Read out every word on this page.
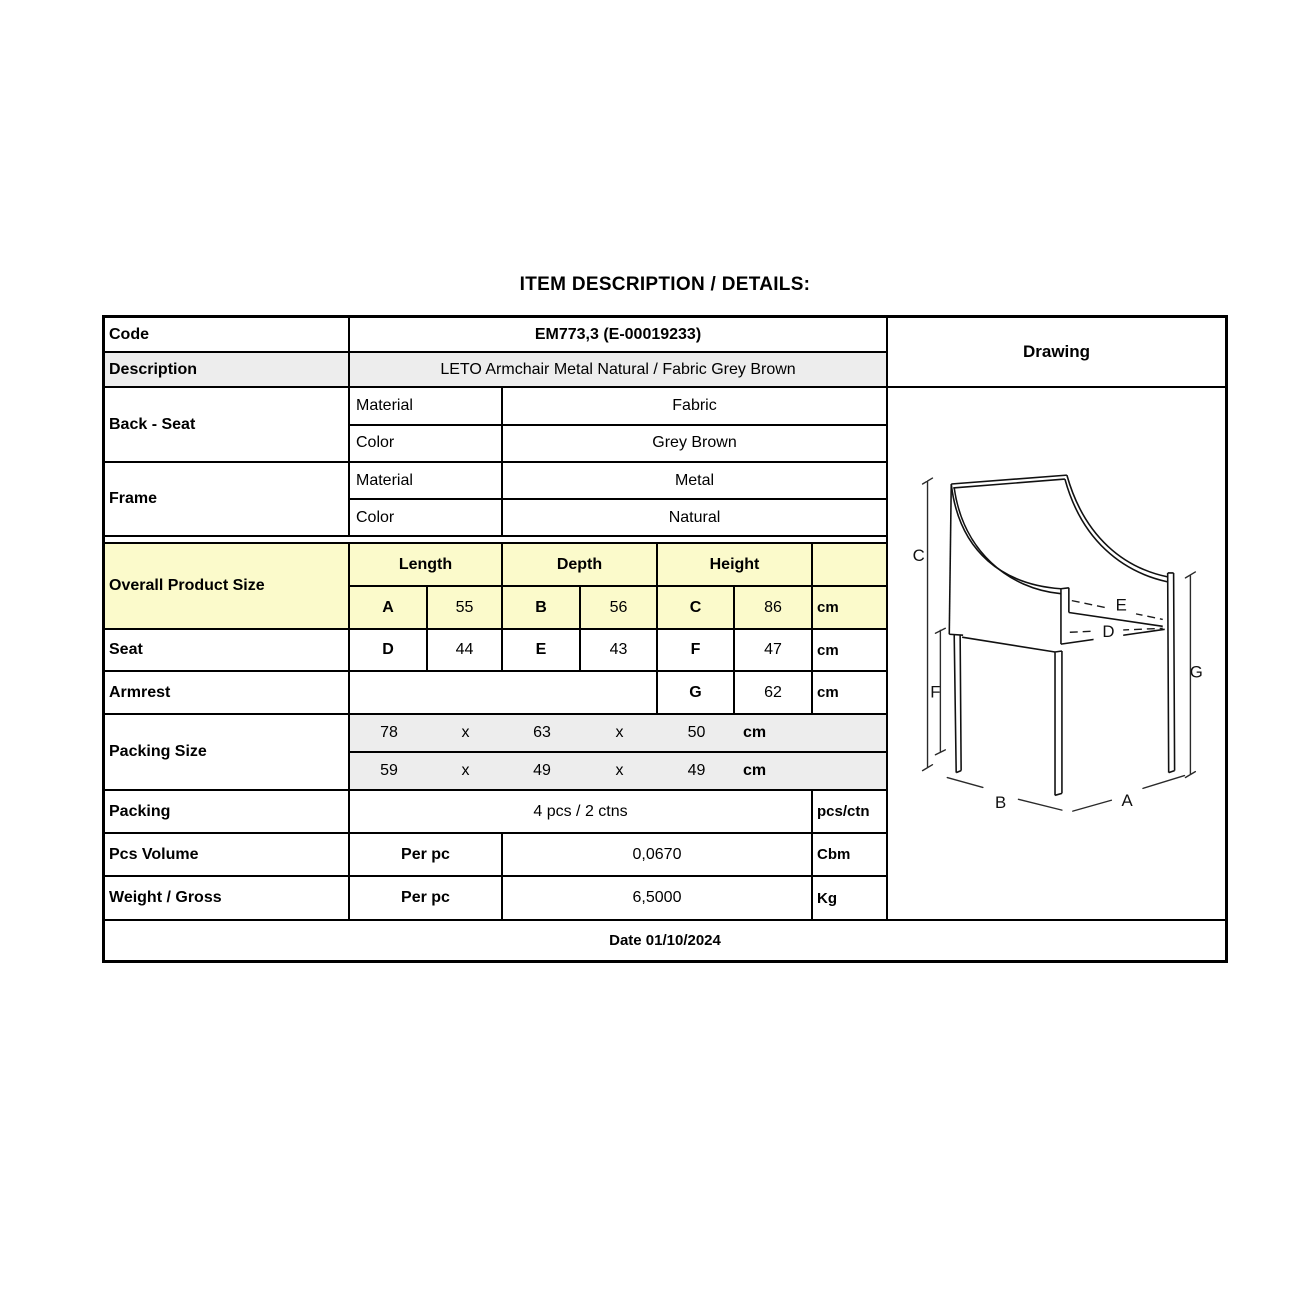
ITEM DESCRIPTION / DETAILS:
Code	EM773,3 (E-00019233)
Description	LETO Armchair Metal Natural / Fabric Grey Brown
Back - Seat
Material	Fabric
Color	Grey Brown
Frame
Material	Metal
Color	Natural
Overall Product Size
Length	Depth	Height
A	55	B	56	C	86	cm
Seat	D	44	E	43	F	47	cm
Armrest	G	62	cm
Packing Size
78	x	63	x	50	cm
59	x	49	x	49	cm
Packing	4 pcs / 2 ctns	pcs/ctn
Pcs Volume	Per pc	0,0670	Cbm
Weight / Gross	Per pc	6,5000	Kg
Drawing
C
F
G
B	A
E
D
Date 01/10/2024
